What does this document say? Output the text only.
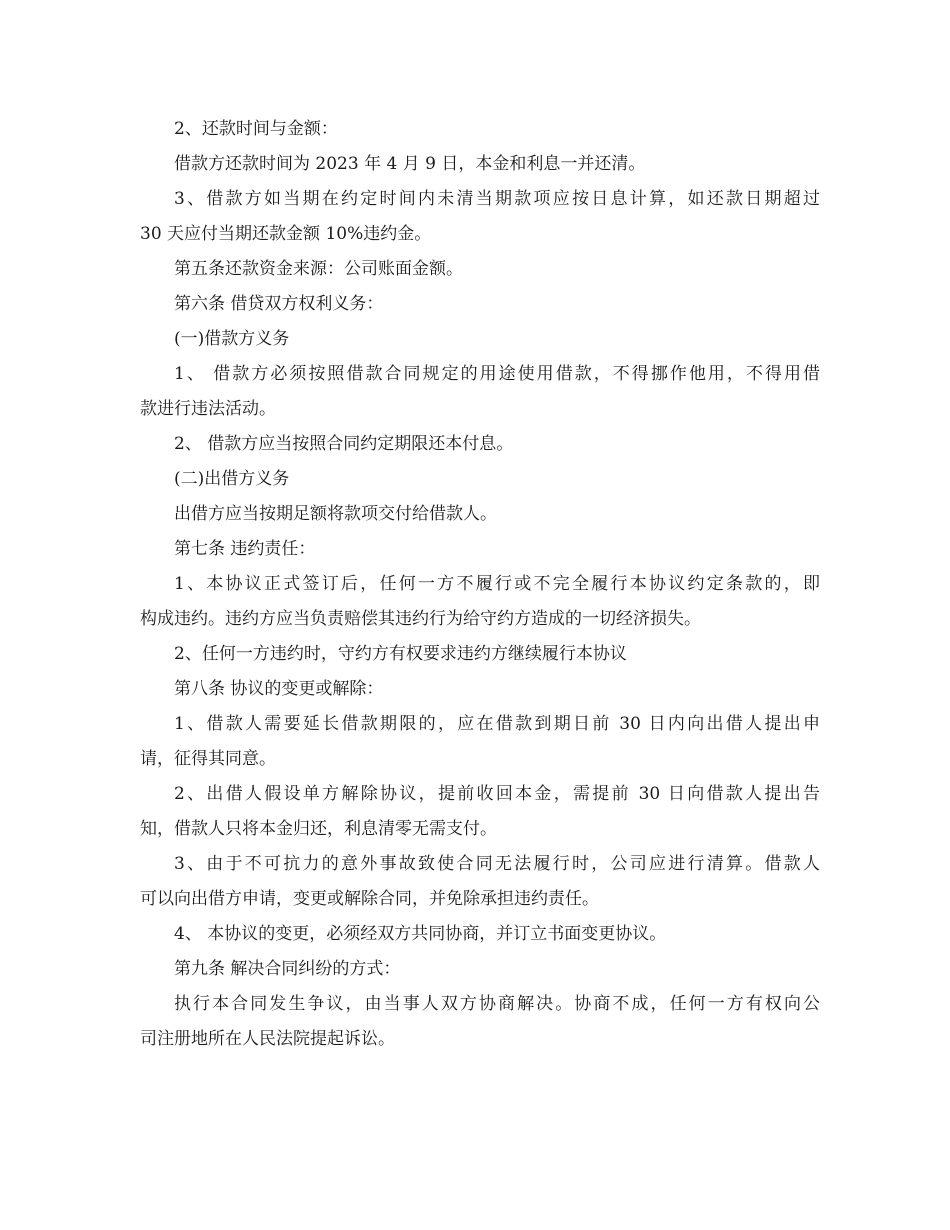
2、还款时间与金额：
借款方还款时间为 2023 年 4 月 9 日，本金和利息一并还清。
3、借款方如当期在约定时间内未清当期款项应按日息计算，如还款日期超过
30 天应付当期还款金额 10%违约金。
第五条还款资金来源：公司账面金额。
第六条 借贷双方权利义务：
(一)借款方义务
1、 借款方必须按照借款合同规定的用途使用借款，不得挪作他用，不得用借
款进行违法活动。
2、 借款方应当按照合同约定期限还本付息。
(二)出借方义务
出借方应当按期足额将款项交付给借款人。
第七条 违约责任：
1、本协议正式签订后，任何一方不履行或不完全履行本协议约定条款的，即
构成违约。违约方应当负责赔偿其违约行为给守约方造成的一切经济损失。
2、任何一方违约时，守约方有权要求违约方继续履行本协议
第八条 协议的变更或解除：
1、借款人需要延长借款期限的，应在借款到期日前 30 日内向出借人提出申
请，征得其同意。
2、出借人假设单方解除协议，提前收回本金，需提前 30 日向借款人提出告
知，借款人只将本金归还，利息清零无需支付。
3、由于不可抗力的意外事故致使合同无法履行时，公司应进行清算。借款人
可以向出借方申请，变更或解除合同，并免除承担违约责任。
4、 本协议的变更，必须经双方共同协商，并订立书面变更协议。
第九条 解决合同纠纷的方式：
执行本合同发生争议，由当事人双方协商解决。协商不成，任何一方有权向公
司注册地所在人民法院提起诉讼。
